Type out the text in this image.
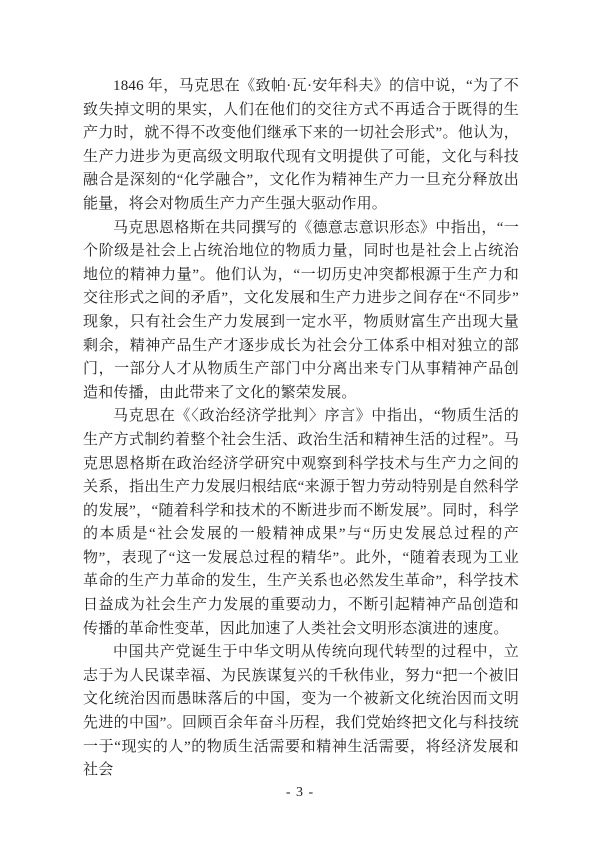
1846 年，马克思在《致帕·瓦·安年科夫》的信中说，“为了不致失掉文明的果实，人们在他们的交往方式不再适合于既得的生产力时，就不得不改变他们继承下来的一切社会形式”。他认为，生产力进步为更高级文明取代现有文明提供了可能，文化与科技融合是深刻的“化学融合”，文化作为精神生产力一旦充分释放出能量，将会对物质生产力产生强大驱动作用。

马克思恩格斯在共同撰写的《德意志意识形态》中指出，“一个阶级是社会上占统治地位的物质力量，同时也是社会上占统治地位的精神力量”。他们认为，“一切历史冲突都根源于生产力和交往形式之间的矛盾”，文化发展和生产力进步之间存在“不同步”现象，只有社会生产力发展到一定水平，物质财富生产出现大量剩余，精神产品生产才逐步成长为社会分工体系中相对独立的部门，一部分人才从物质生产部门中分离出来专门从事精神产品创造和传播，由此带来了文化的繁荣发展。

马克思在《〈政治经济学批判〉序言》中指出，“物质生活的生产方式制约着整个社会生活、政治生活和精神生活的过程”。马克思恩格斯在政治经济学研究中观察到科学技术与生产力之间的关系，指出生产力发展归根结底“来源于智力劳动特别是自然科学的发展”，“随着科学和技术的不断进步而不断发展”。同时，科学的本质是“社会发展的一般精神成果”与“历史发展总过程的产物”，表现了“这一发展总过程的精华”。此外，“随着表现为工业革命的生产力革命的发生，生产关系也必然发生革命”，科学技术日益成为社会生产力发展的重要动力，不断引起精神产品创造和传播的革命性变革，因此加速了人类社会文明形态演进的速度。

中国共产党诞生于中华文明从传统向现代转型的过程中，立志于为人民谋幸福、为民族谋复兴的千秋伟业，努力“把一个被旧文化统治因而愚昧落后的中国，变为一个被新文化统治因而文明先进的中国”。回顾百余年奋斗历程，我们党始终把文化与科技统一于“现实的人”的物质生活需要和精神生活需要，将经济发展和社会

- 3 -
